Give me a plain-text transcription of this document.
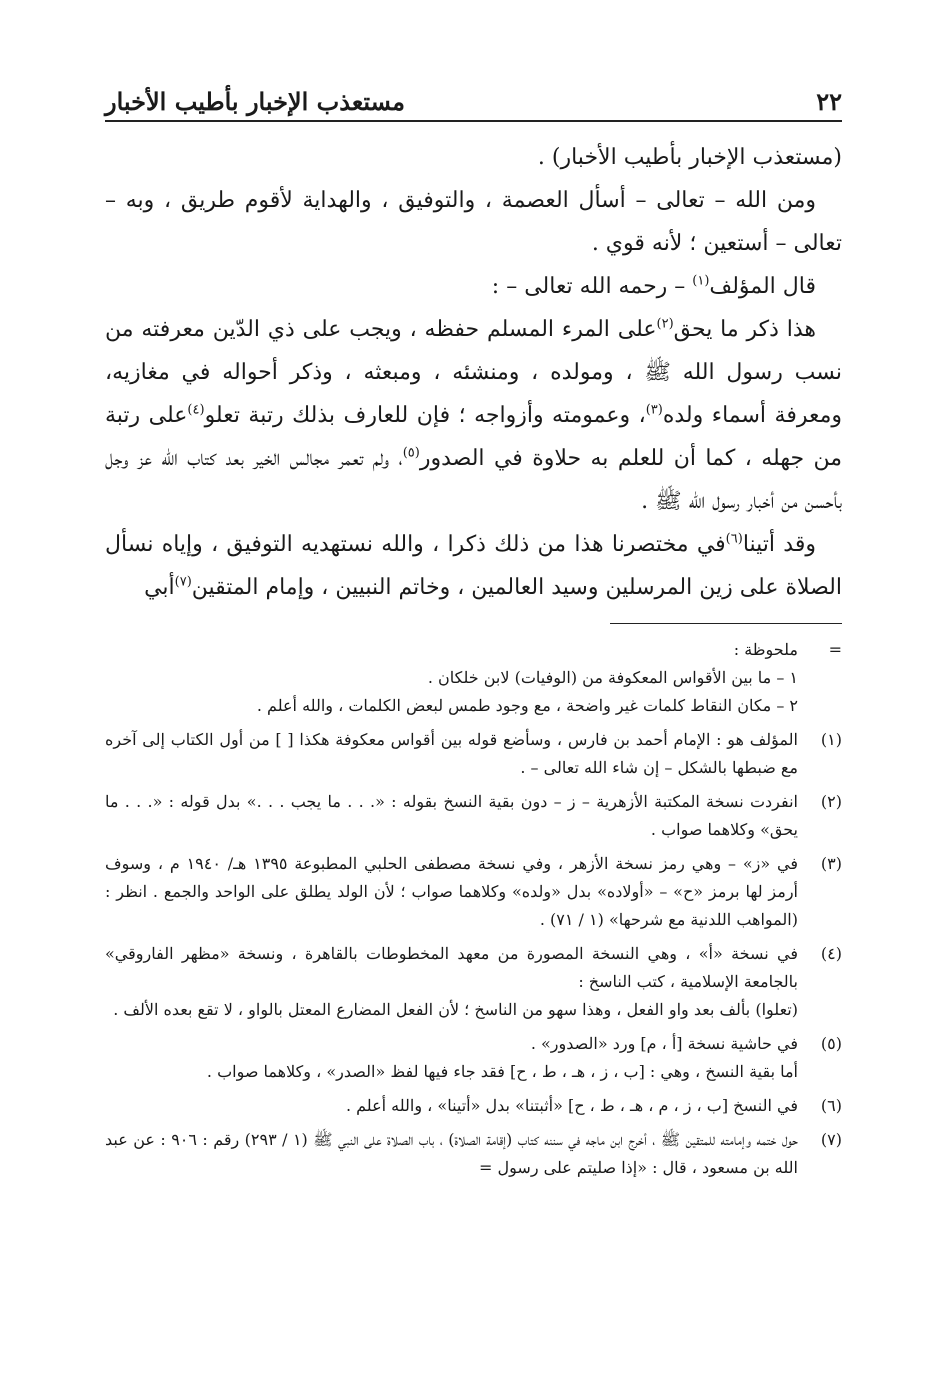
٢٢
مستعذب الإخبار بأطيب الأخبار

(مستعذب الإخبار بأطيب الأخبار) .

ومن الله – تعالى – أسأل العصمة ، والتوفيق ، والهداية لأقوم طريق ، وبه – تعالى – أستعين ؛ لأنه قوي .

قال المؤلف$^{(١)}$ – رحمه الله تعالى – :

هذا ذكر ما يحق$^{(٢)}$على المرء المسلم حفظه ، ويجب على ذي الدّين معرفته من نسب رسول الله ﷺ ، ومولده ، ومنشئه ، ومبعثه ، وذكر أحواله في مغازيه، ومعرفة أسماء ولده$^{(٣)}$، وعمومته وأزواجه ؛ فإن للعارف بذلك رتبة تعلو$^{(٤)}$على رتبة من جهله ، كما أن للعلم به حلاوة في الصدور$^{(٥)}$، ولم تعمر مجالس الخير بعد كتاب الله عز وجل بأحسن من أخبار رسول الله ﷺ .

وقد أتينا$^{(٦)}$في مختصرنا هذا من ذلك ذكرا ، والله نستهديه التوفيق ، وإياه نسأل الصلاة على زين المرسلين وسيد العالمين ، وخاتم النبيين ، وإمام المتقين$^{(٧)}$أبي

=

ملحوظة :

١ – ما بين الأقواس المعكوفة من (الوفيات) لابن خلكان .

٢ – مكان النقاط كلمات غير واضحة ، مع وجود طمس لبعض الكلمات ، والله أعلم .

(١)

المؤلف هو : الإمام أحمد بن فارس ، وسأضع قوله بين أقواس معكوفة هكذا [ ] من أول الكتاب إلى آخره مع ضبطها بالشكل – إن شاء الله تعالى – .

(٢)

انفردت نسخة المكتبة الأزهرية – ز – دون بقية النسخ بقوله : «. . . ما يجب . . .» بدل قوله : «. . . ما يحق» وكلاهما صواب .

(٣)

في «ز» – وهي رمز نسخة الأزهر ، وفي نسخة مصطفى الحلبي المطبوعة ١٣٩٥ هـ/ ١٩٤٠ م ، وسوف أرمز لها برمز «ح» – «أولاده» بدل «ولده» وكلاهما صواب ؛ لأن الولد يطلق على الواحد والجمع . انظر : (المواهب اللدنية مع شرحها» (١ / ٧١) .

(٤)

في نسخة «أ» ، وهي النسخة المصورة من معهد المخطوطات بالقاهرة ، ونسخة «مظهر الفاروقي» بالجامعة الإسلامية ، كتب الناسخ :

(تعلوا) بألف بعد واو الفعل ، وهذا سهو من الناسخ ؛ لأن الفعل المضارع المعتل بالواو ، لا تقع بعده الألف .

(٥)

في حاشية نسخة [أ ، م] ورد «الصدور» .

أما بقية النسخ ، وهي : [ب ، ز ، هـ ، ط ، ح] فقد جاء فيها لفظ «الصدر» ، وكلاهما صواب .

(٦)

في النسخ [ب ، ز ، م ، هـ ، ط ، ح] «أثبتنا» بدل «أتينا» ، والله أعلم .

(٧)

حول ختمه وإمامته للمتقين ﷺ ، أخرج ابن ماجه في سننه كتاب (إقامة الصلاة) ، باب الصلاة على النبي ﷺ (١ / ٢٩٣) رقم : ٩٠٦ : عن عبد الله بن مسعود ، قال : «إذا صليتم على رسول =
